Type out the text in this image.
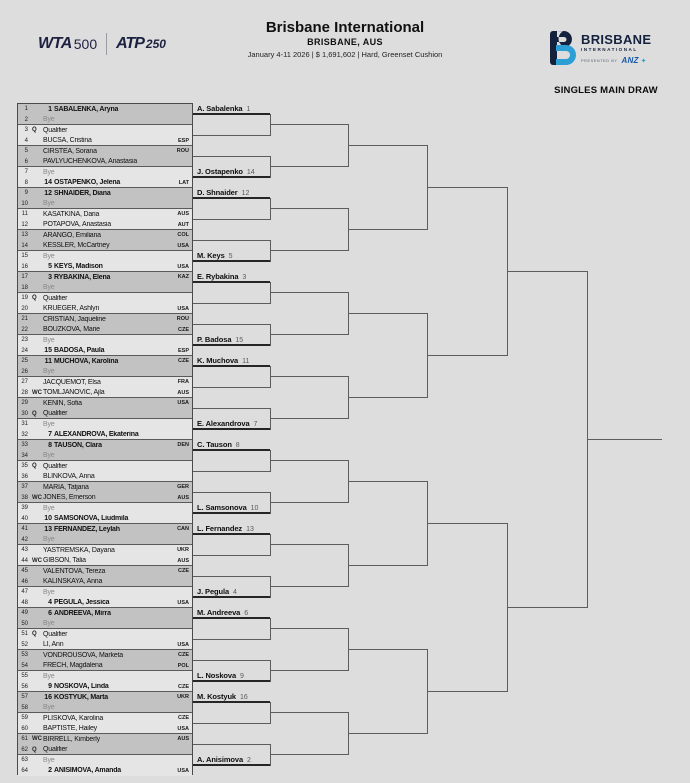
WTA 500 ATP 250
Brisbane International
BRISBANE, AUS
January 4-11 2026 | $ 1,691,602 | Hard, Greenset Cushion
BRISBANE
INTERNATIONAL
PRESENTED BY ANZ ✦
SINGLES MAIN DRAW
1	1 SABALENKA, Aryna
2 Bye
3 Q Qualifier
4 BUCSA, Cristina	ESP
5 CIRSTEA, Sorana	ROU
6 PAVLYUCHENKOVA, Anastasia
7 Bye
8 14 OSTAPENKO, Jelena	LAT
9 12 SHNAIDER, Diana
10 Bye
11 KASATKINA, Daria	AUS
12 POTAPOVA, Anastasia	AUT
13 ARANGO, Emiliana	COL
14 KESSLER, McCartney	USA
15 Bye
16	5 KEYS, Madison	USA
17	3 RYBAKINA, Elena	KAZ
18 Bye
19 Q Qualifier
20 KRUEGER, Ashlyn	USA
21 CRISTIAN, Jaqueline	ROU
22 BOUZKOVA, Marie	CZE
23 Bye
24 15 BADOSA, Paula	ESP
25 11 MUCHOVA, Karolina	CZE
26 Bye
27 JACQUEMOT, Elsa	FRA
28 WC TOMLJANOVIC, Ajla	AUS
29 KENIN, Sofia	USA
30 Q Qualifier
31 Bye
32	7 ALEXANDROVA, Ekaterina
33	8 TAUSON, Clara	DEN
34 Bye
35 Q Qualifier
36 BLINKOVA, Anna
37 MARIA, Tatjana	GER
38 WC JONES, Emerson	AUS
39 Bye
40 10 SAMSONOVA, Liudmila
41 13 FERNANDEZ, Leylah	CAN
42 Bye
43 YASTREMSKA, Dayana	UKR
44 WC GIBSON, Talia	AUS
45 VALENTOVA, Tereza	CZE
46 KALINSKAYA, Anna
47 Bye
48	4 PEGULA, Jessica	USA
49	6 ANDREEVA, Mirra
50 Bye
51 Q Qualifier
52 LI, Ann	USA
53 VONDROUSOVA, Marketa	CZE
54 FRECH, Magdalena	POL
55 Bye
56	9 NOSKOVA, Linda	CZE
57 16 KOSTYUK, Marta	UKR
58 Bye
59 PLISKOVA, Karolina	CZE
60 BAPTISTE, Hailey	USA
61 WC BIRRELL, Kimberly	AUS
62 Q Qualifier
63 Bye
64	2 ANISIMOVA, Amanda	USA
A. Sabalenka 1
J. Ostapenko 14
D. Shnaider 12
M. Keys 5
E. Rybakina 3
P. Badosa 15
K. Muchova 11
E. Alexandrova 7
C. Tauson 8
L. Samsonova 10
L. Fernandez 13
J. Pegula 4
M. Andreeva 6
L. Noskova 9
M. Kostyuk 16
A. Anisimova 2
